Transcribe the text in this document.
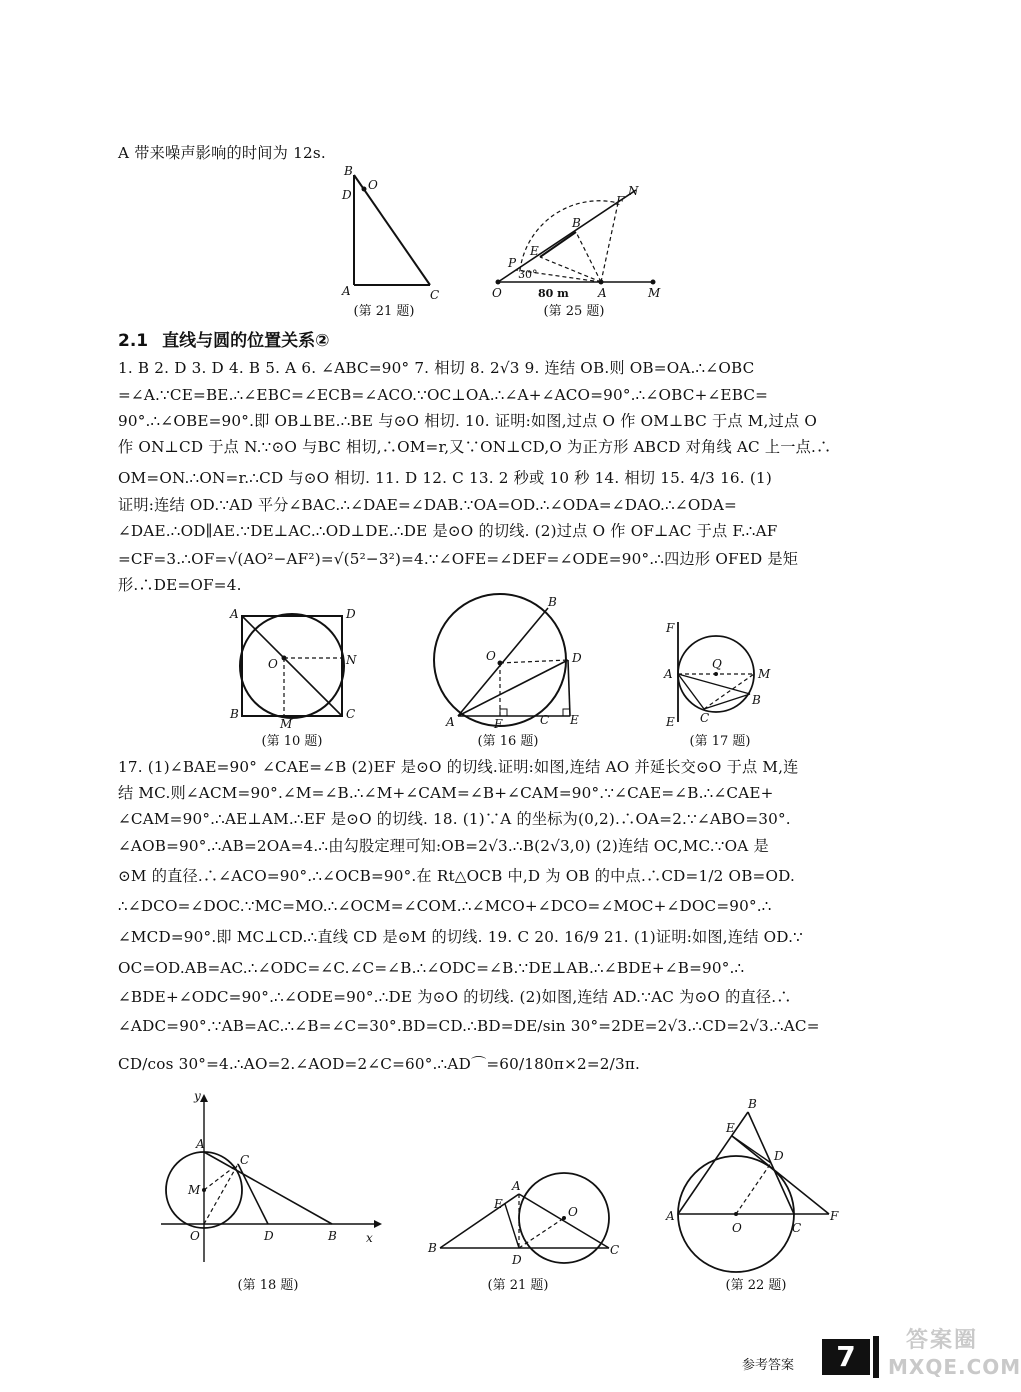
A 带来噪声影响的时间为 12s.
B
D
O
A	C
(第 21 题)
N
F
B
E
P
30°
O	80 m A	M
(第 25 题)
2.1 直线与圆的位置关系②
1. B 2. D 3. D 4. B 5. A 6. ∠ABC=90° 7. 相切 8. 2√3 9. 连结 OB.则 OB=OA.∴∠OBC
=∠A.∵CE=BE.∴∠EBC=∠ECB=∠ACO.∵OC⊥OA.∴∠A+∠ACO=90°.∴∠OBC+∠EBC=
90°.∴∠OBE=90°.即 OB⊥BE.∴BE 与⊙O 相切. 10. 证明:如图,过点 O 作 OM⊥BC 于点 M,过点 O
作 ON⊥CD 于点 N.∵⊙O 与BC 相切,∴OM=r,又∵ON⊥CD,O 为正方形 ABCD 对角线 AC 上一点.∴
OM=ON.∴ON=r.∴CD 与⊙O 相切. 11. D 12. C 13. 2 秒或 10 秒 14. 相切 15. 4/3 16. (1)
证明:连结 OD.∵AD 平分∠BAC.∴∠DAE=∠DAB.∵OA=OD.∴∠ODA=∠DAO.∴∠ODA=
∠DAE.∴OD∥AE.∵DE⊥AC.∴OD⊥DE.∴DE 是⊙O 的切线. (2)过点 O 作 OF⊥AC 于点 F.∴AF
=CF=3.∴OF=√(AO²−AF²)=√(5²−3²)=4.∵∠OFE=∠DEF=∠ODE=90°.∴四边形 OFED 是矩
形.∴DE=OF=4.
A	D
O	N
B
M
C
(第 10 题)
B
O	D
A	F	C E
(第 16 题)
F
Q
A	M
B
C
E
(第 17 题)
17. (1)∠BAE=90° ∠CAE=∠B (2)EF 是⊙O 的切线.证明:如图,连结 AO 并延长交⊙O 于点 M,连
结 MC.则∠ACM=90°.∠M=∠B.∴∠M+∠CAM=∠B+∠CAM=90°.∵∠CAE=∠B.∴∠CAE+
∠CAM=90°.∴AE⊥AM.∴EF 是⊙O 的切线. 18. (1)∵A 的坐标为(0,2).∴OA=2.∵∠ABO=30°.
∠AOB=90°.∴AB=2OA=4.∴由勾股定理可知:OB=2√3.∴B(2√3,0) (2)连结 OC,MC.∵OA 是
⊙M 的直径.∴∠ACO=90°.∴∠OCB=90°.在 Rt△OCB 中,D 为 OB 的中点.∴CD=1/2 OB=OD.
∴∠DCO=∠DOC.∵MC=MO.∴∠OCM=∠COM.∴∠MCO+∠DCO=∠MOC+∠DOC=90°.∴
∠MCD=90°.即 MC⊥CD.∴直线 CD 是⊙M 的切线. 19. C 20. 16/9 21. (1)证明:如图,连结 OD.∵
OC=OD.AB=AC.∴∠ODC=∠C.∠C=∠B.∴∠ODC=∠B.∵DE⊥AB.∴∠BDE+∠B=90°.∴
∠BDE+∠ODC=90°.∴∠ODE=90°.∴DE 为⊙O 的切线. (2)如图,连结 AD.∵AC 为⊙O 的直径.∴
∠ADC=90°.∵AB=AC.∴∠B=∠C=30°.BD=CD.∴BD=DE/sin 30°=2DE=2√3.∴CD=2√3.∴AC=
CD/cos 30°=4.∴AO=2.∠AOD=2∠C=60°.∴AD⌒=60/180π×2=2/3π.
y
A
C
M
O	D	B x
(第 18 题)
A
E
O
B
D
C
(第 21 题)
B
E
D
A
O	C
F
(第 22 题)
参考答案	7	答案圈
MXQE.COM
